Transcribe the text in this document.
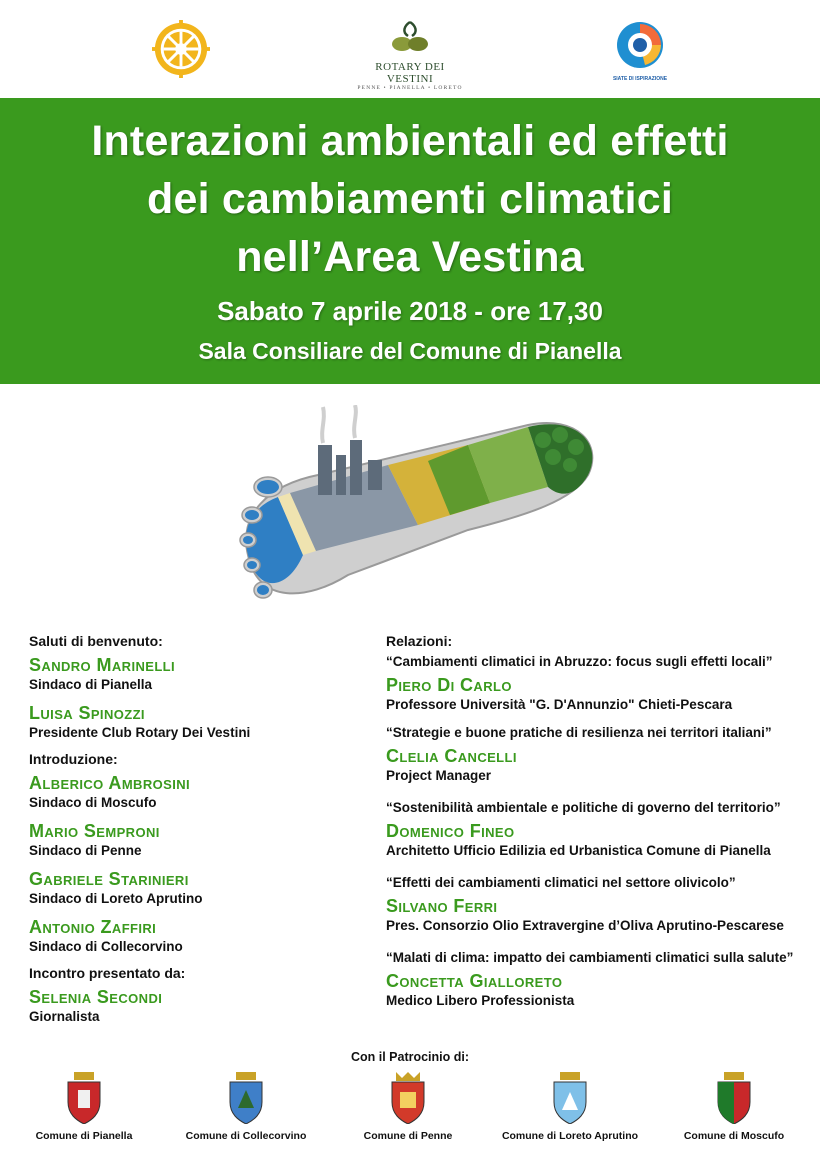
ROTARY DEI VESTINI
PENNE • PIANELLA • LORETO
SIATE DI ISPIRAZIONE
Interazioni ambientali ed effetti
dei cambiamenti climatici
nell’Area Vestina
Sabato 7 aprile 2018 - ore 17,30
Sala Consiliare del Comune di Pianella
Saluti di benvenuto:
Sandro Marinelli
Sindaco di Pianella
Luisa Spinozzi
Presidente Club Rotary Dei Vestini
Introduzione:
Alberico Ambrosini
Sindaco di Moscufo
Mario Semproni
Sindaco di Penne
Gabriele Starinieri
Sindaco di Loreto Aprutino
Antonio Zaffiri
Sindaco di Collecorvino
Incontro presentato da:
Selenia Secondi
Giornalista
Relazioni:
“Cambiamenti climatici in Abruzzo: focus sugli effetti locali”
Piero Di Carlo
Professore Università "G. D'Annunzio" Chieti-Pescara
“Strategie e buone pratiche di resilienza nei territori italiani”
Clelia Cancelli
Project Manager
“Sostenibilità ambientale e politiche di governo del territorio”
Domenico Fineo
Architetto Ufficio Edilizia ed Urbanistica Comune di Pianella
“Effetti dei cambiamenti climatici nel settore olivicolo”
Silvano Ferri
Pres. Consorzio Olio Extravergine d’Oliva Aprutino-Pescarese
“Malati di clima: impatto dei cambiamenti climatici sulla salute”
Concetta Gialloreto
Medico Libero Professionista
Con il Patrocinio di:
Comune di Pianella	Comune di Collecorvino	Comune di Penne	Comune di Loreto Aprutino	Comune di Moscufo
